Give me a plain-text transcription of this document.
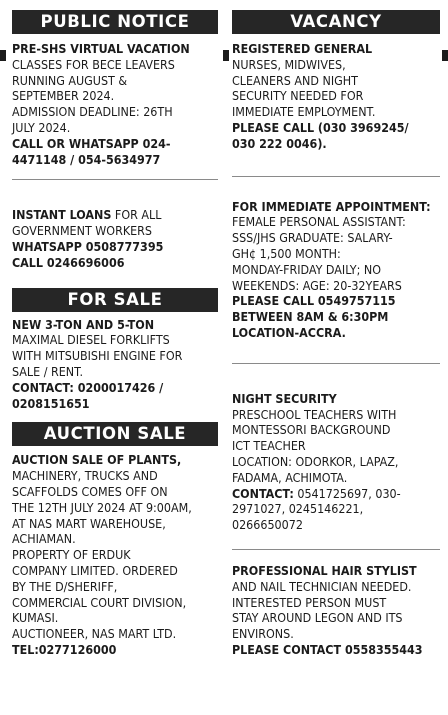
PUBLIC NOTICE
PRE-SHS VIRTUAL VACATION
CLASSES FOR BECE LEAVERS
RUNNING AUGUST &
SEPTEMBER 2024.
ADMISSION DEADLINE: 26TH
JULY 2024.
CALL OR WHATSAPP 024-
4471148 / 054-5634977
INSTANT LOANS FOR ALL
GOVERNMENT WORKERS
WHATSAPP 0508777395
CALL 0246696006
FOR SALE
NEW 3-TON AND 5-TON
MAXIMAL DIESEL FORKLIFTS
WITH MITSUBISHI ENGINE FOR
SALE / RENT.
CONTACT: 0200017426 /
0208151651
AUCTION SALE
AUCTION SALE OF PLANTS,
MACHINERY, TRUCKS AND
SCAFFOLDS COMES OFF ON
THE 12TH JULY 2024 AT 9:00AM,
AT NAS MART WAREHOUSE,
ACHIAMAN.
PROPERTY OF ERDUK
COMPANY LIMITED. ORDERED
BY THE D/SHERIFF,
COMMERCIAL COURT DIVISION,
KUMASI.
AUCTIONEER, NAS MART LTD.
TEL:0277126000
VACANCY
REGISTERED GENERAL
NURSES, MIDWIVES,
CLEANERS AND NIGHT
SECURITY NEEDED FOR
IMMEDIATE EMPLOYMENT.
PLEASE CALL (030 3969245/
030 222 0046).
FOR IMMEDIATE APPOINTMENT:
FEMALE PERSONAL ASSISTANT:
SSS/JHS GRADUATE: SALARY-
GH¢ 1,500 MONTH:
MONDAY-FRIDAY DAILY; NO
WEEKENDS: AGE: 20-32YEARS
PLEASE CALL 0549757115
BETWEEN 8AM & 6:30PM
LOCATION-ACCRA.
NIGHT SECURITY
PRESCHOOL TEACHERS WITH
MONTESSORI BACKGROUND
ICT TEACHER
LOCATION: ODORKOR, LAPAZ,
FADAMA, ACHIMOTA.
CONTACT: 0541725697, 030-
2971027, 0245146221,
0266650072
PROFESSIONAL HAIR STYLIST
AND NAIL TECHNICIAN NEEDED.
INTERESTED PERSON MUST
STAY AROUND LEGON AND ITS
ENVIRONS.
PLEASE CONTACT 0558355443
